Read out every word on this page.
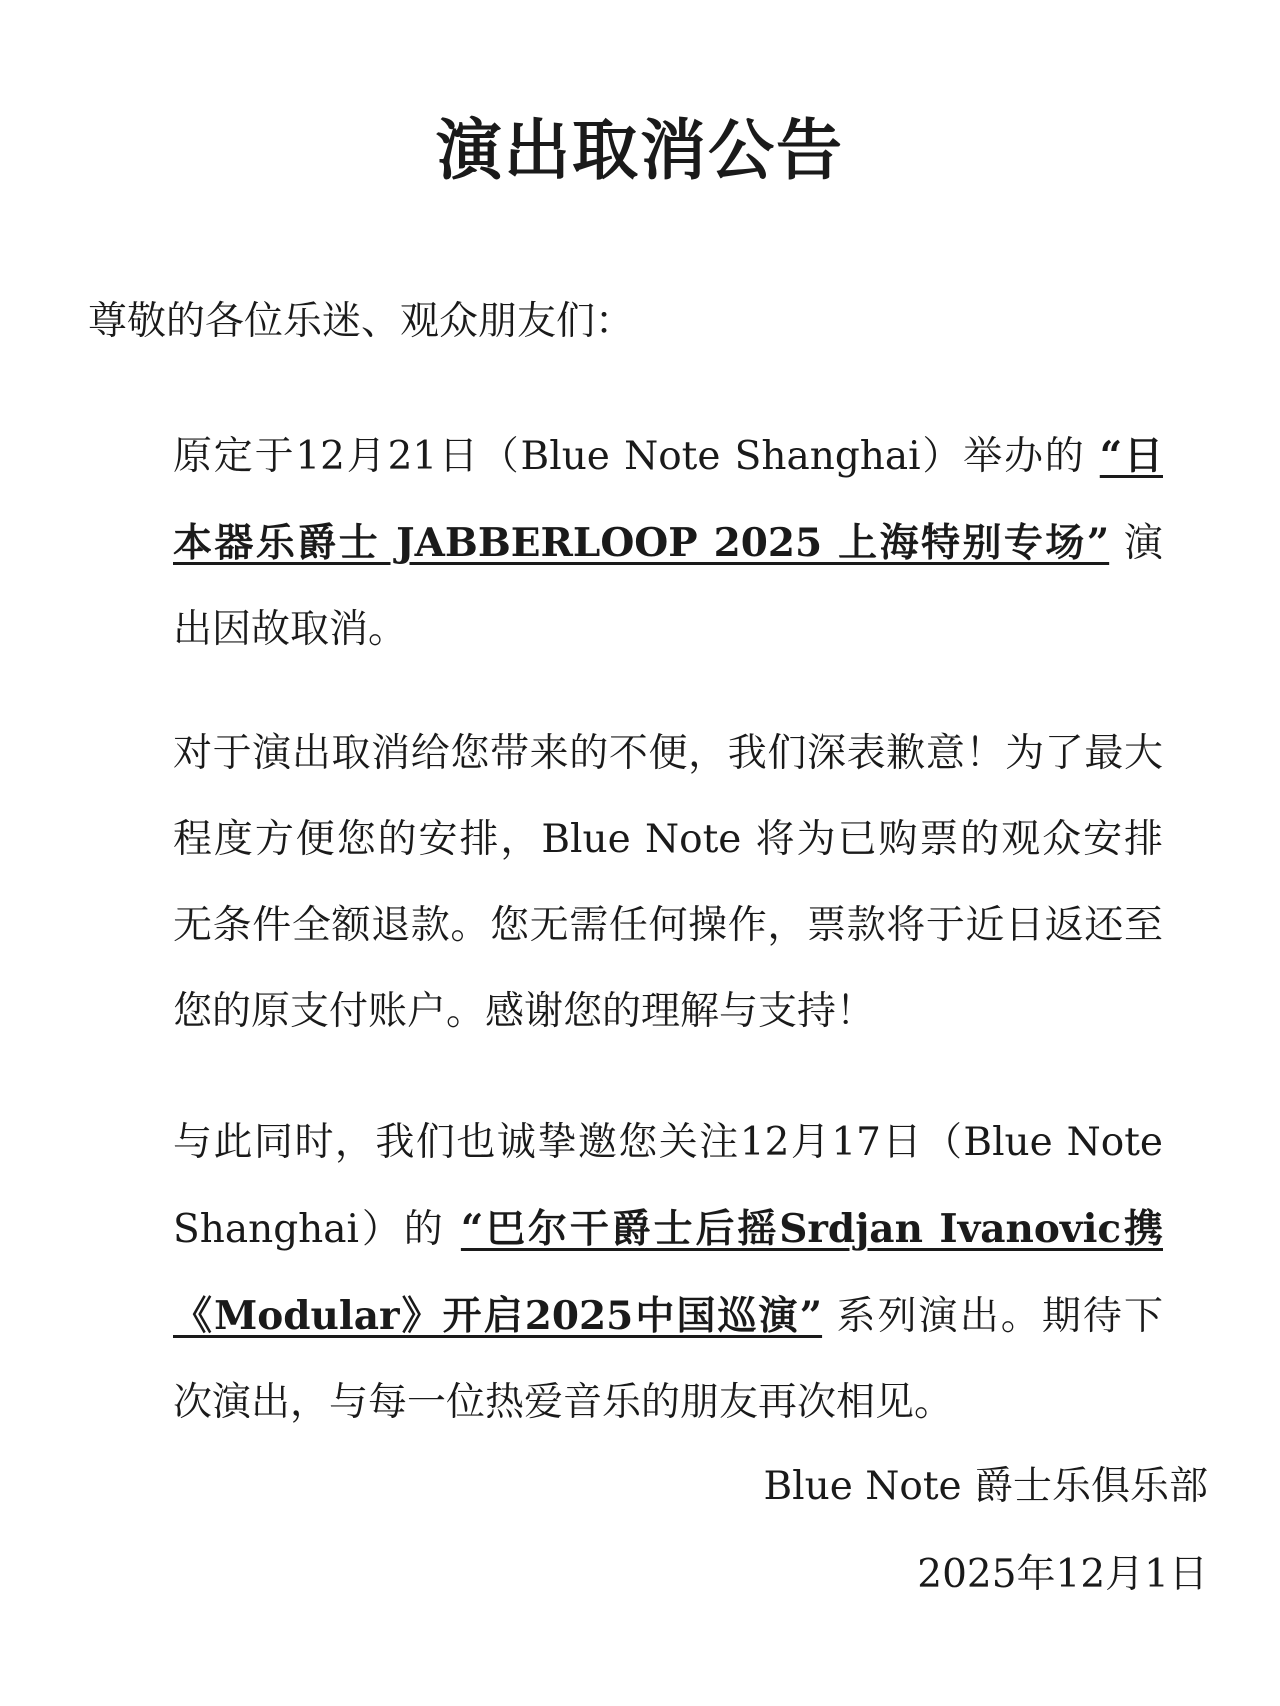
演出取消公告
尊敬的各位乐迷、观众朋友们：
原定于12月21日（Blue Note Shanghai）举办的 “日本器乐爵士 JABBERLOOP 2025 上海特别专场” 演出因故取消。
对于演出取消给您带来的不便，我们深表歉意！为了最大程度方便您的安排，Blue Note 将为已购票的观众安排无条件全额退款。您无需任何操作，票款将于近日返还至您的原支付账户。感谢您的理解与支持！
与此同时，我们也诚挚邀您关注12月17日（Blue Note Shanghai）的 “巴尔干爵士后摇Srdjan Ivanovic携《Modular》开启2025中国巡演” 系列演出。期待下次演出，与每一位热爱音乐的朋友再次相见。
Blue Note 爵士乐俱乐部
2025年12月1日
